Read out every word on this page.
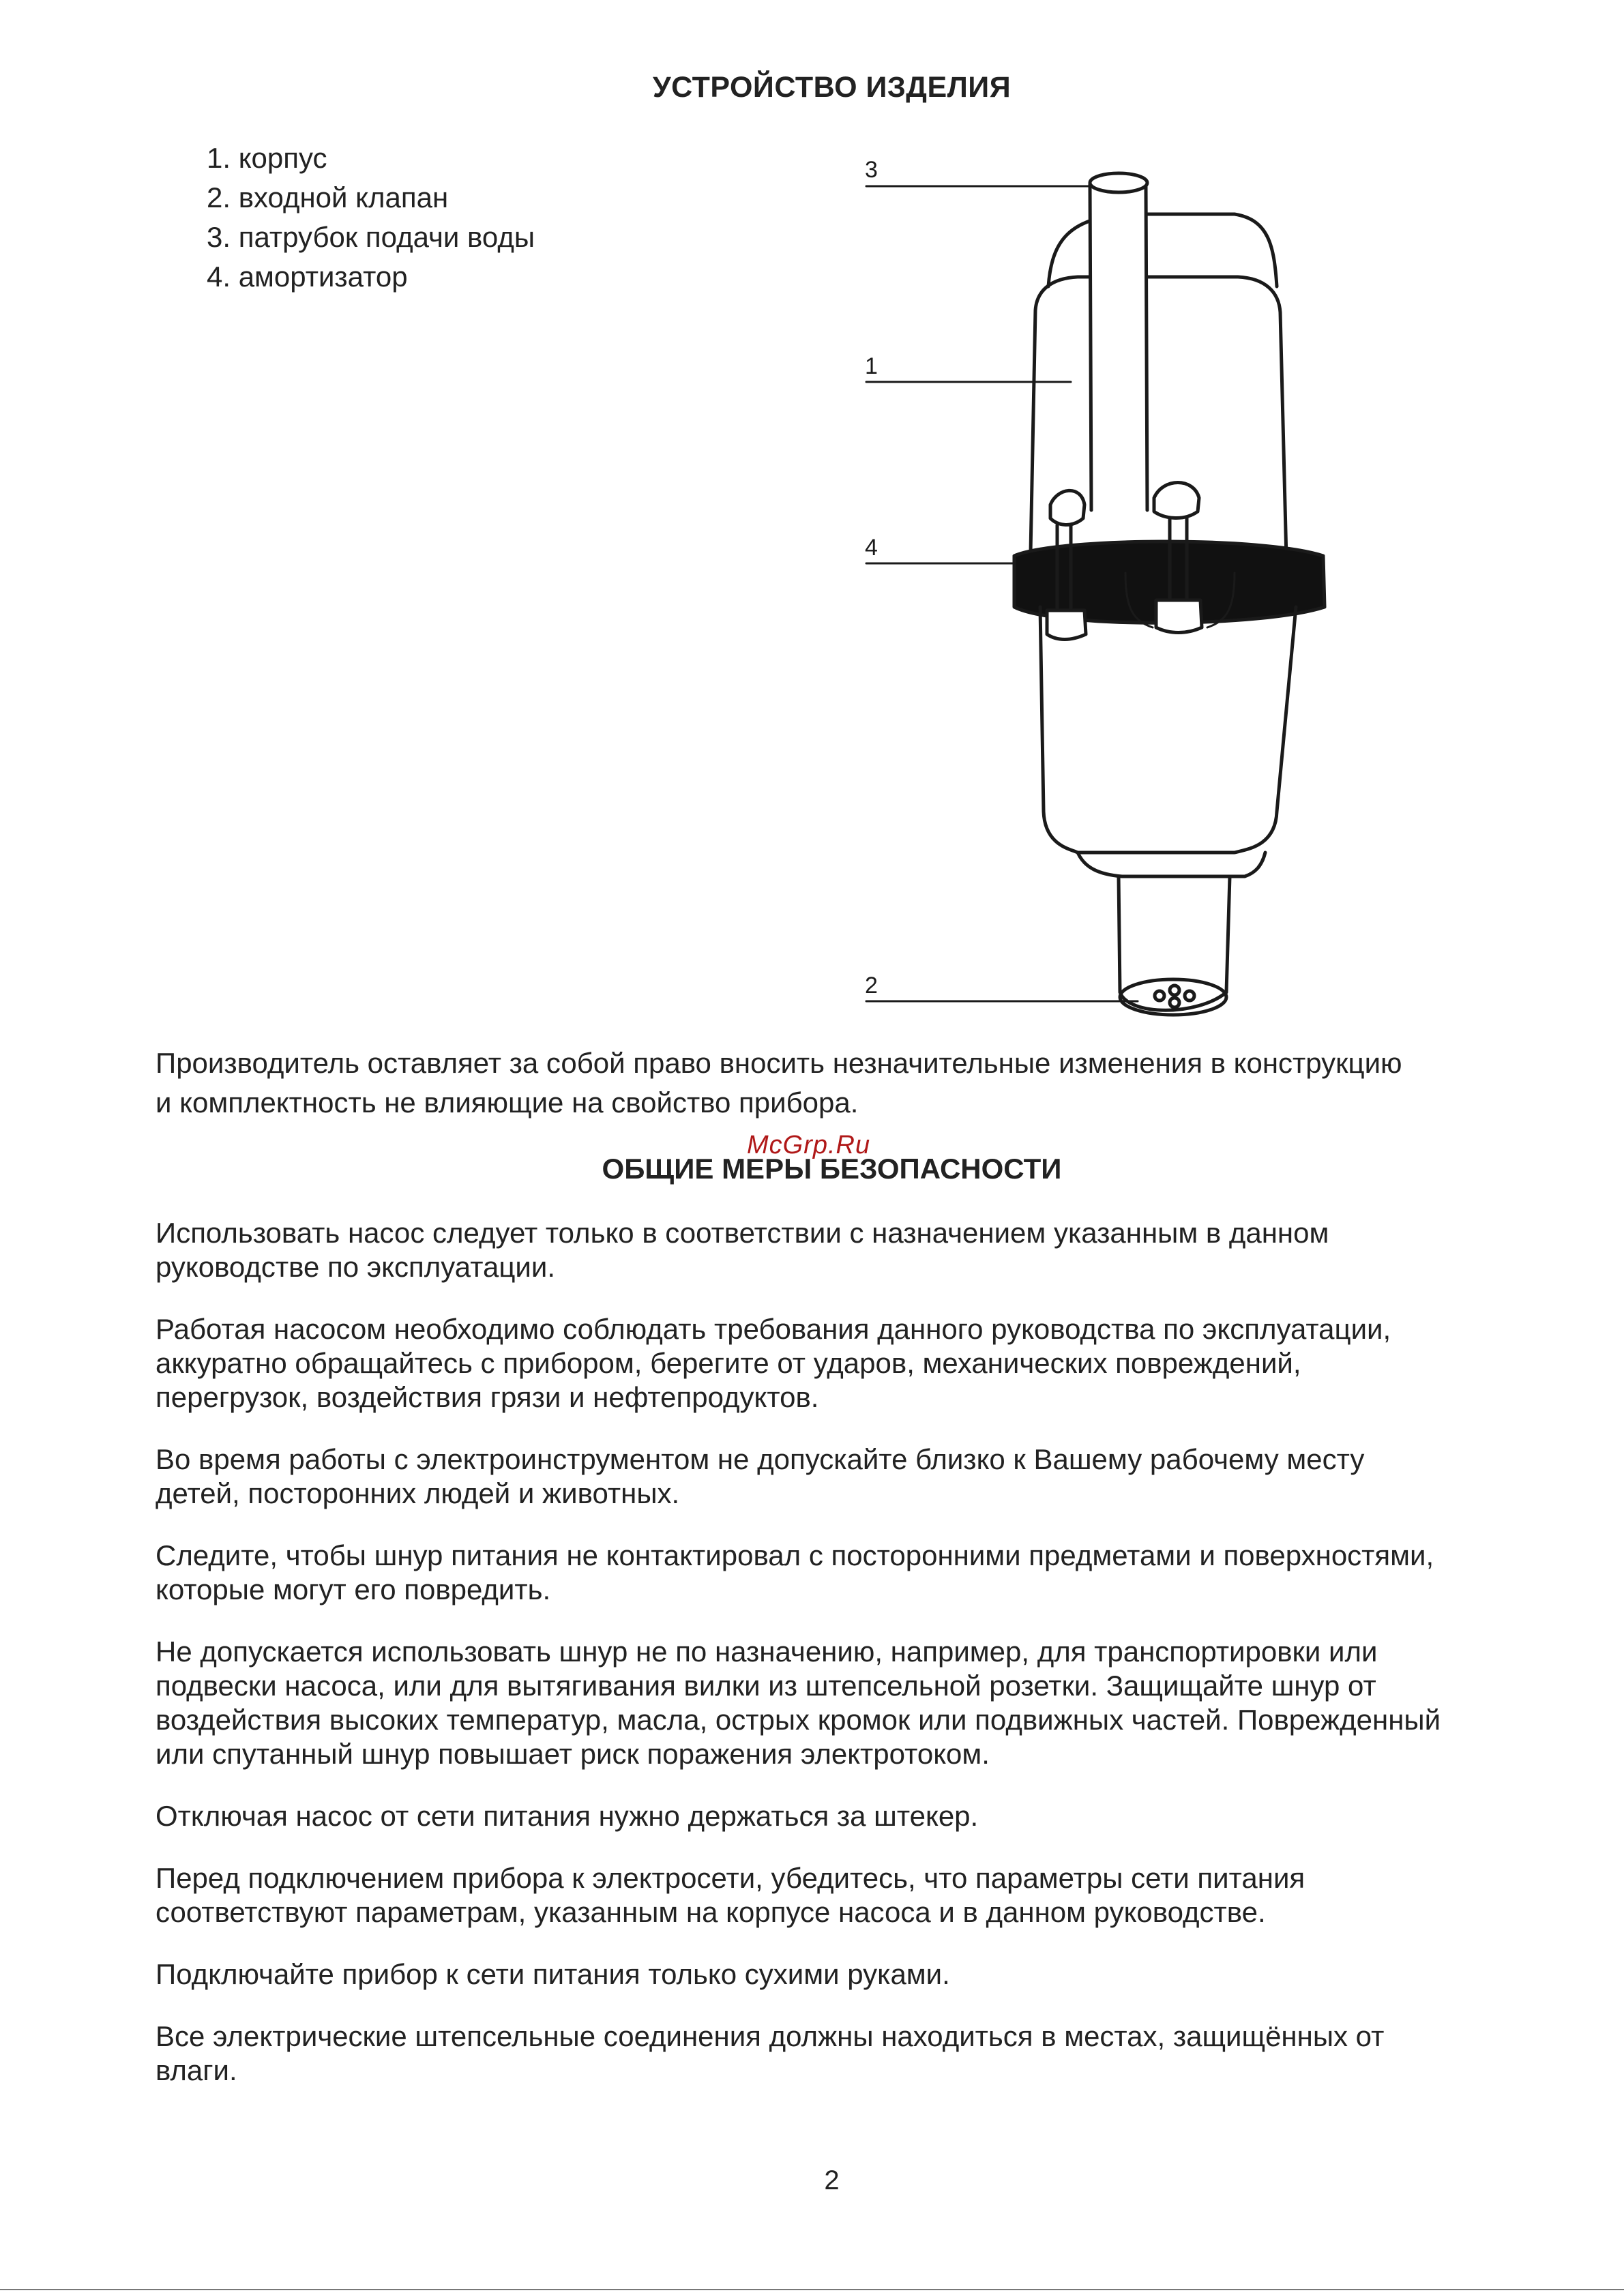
УСТРОЙСТВО ИЗДЕЛИЯ
1. корпус
2. входной клапан
3. патрубок подачи воды
4. амортизатор
3
1
4
2

Производитель оставляет за собой право вносить незначительные изменения в конструкцию

и комплектность не влияющие на свойство прибора.

McGrp.Ru
ОБЩИЕ МЕРЫ БЕЗОПАСНОСТИ

Использовать насос следует только в соответствии с назначением указанным в данном
руководстве по эксплуатации.

Работая насосом необходимо соблюдать требования данного руководства по эксплуатации,
аккуратно обращайтесь с прибором, берегите от ударов, механических повреждений,
перегрузок, воздействия грязи и нефтепродуктов.

Во время работы с электроинструментом не допускайте близко к Вашему рабочему месту
детей, посторонних людей и животных.

Следите, чтобы шнур питания не контактировал с посторонними предметами и поверхностями,
которые могут его повредить.

Не допускается использовать шнур не по назначению, например, для транспортировки или
подвески насоса, или для вытягивания вилки из штепсельной розетки. Защищайте шнур от
воздействия высоких температур, масла, острых кромок или подвижных частей. Поврежденный
или спутанный шнур повышает риск поражения электротоком.

Отключая насос от сети питания нужно держаться за штекер.

Перед подключением прибора к электросети, убедитесь, что параметры сети питания
соответствуют параметрам, указанным на корпусе насоса и в данном руководстве.

Подключайте прибор к сети питания только сухими руками.

Все электрические штепсельные соединения должны находиться в местах, защищённых от
влаги.

2
